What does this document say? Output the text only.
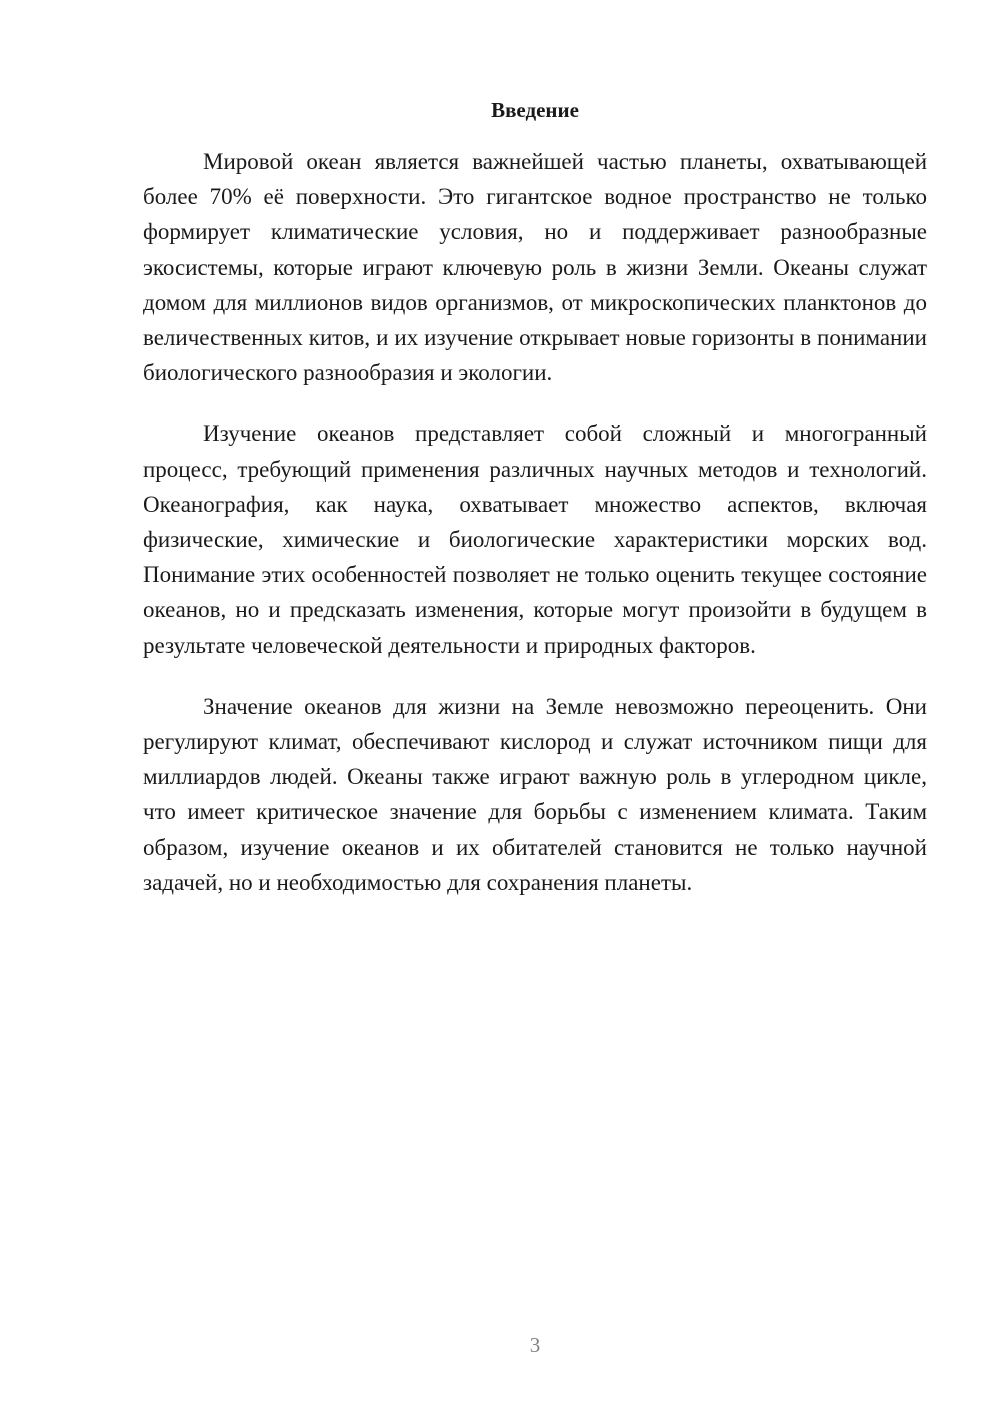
Введение

Мировой океан является важнейшей частью планеты, охватывающей более 70% её поверхности. Это гигантское водное пространство не только формирует климатические условия, но и поддерживает разнообразные экосистемы, которые играют ключевую роль в жизни Земли. Океаны служат домом для миллионов видов организмов, от микроскопических планктонов до величественных китов, и их изучение открывает новые горизонты в понимании биологического разнообразия и экологии.

Изучение океанов представляет собой сложный и многогранный процесс, требующий применения различных научных методов и технологий. Океанография, как наука, охватывает множество аспектов, включая физические, химические и биологические характеристики морских вод. Понимание этих особенностей позволяет не только оценить текущее состояние океанов, но и предсказать изменения, которые могут произойти в будущем в результате человеческой деятельности и природных факторов.

Значение океанов для жизни на Земле невозможно переоценить. Они регулируют климат, обеспечивают кислород и служат источником пищи для миллиардов людей. Океаны также играют важную роль в углеродном цикле, что имеет критическое значение для борьбы с изменением климата. Таким образом, изучение океанов и их обитателей становится не только научной задачей, но и необходимостью для сохранения планеты.

3
